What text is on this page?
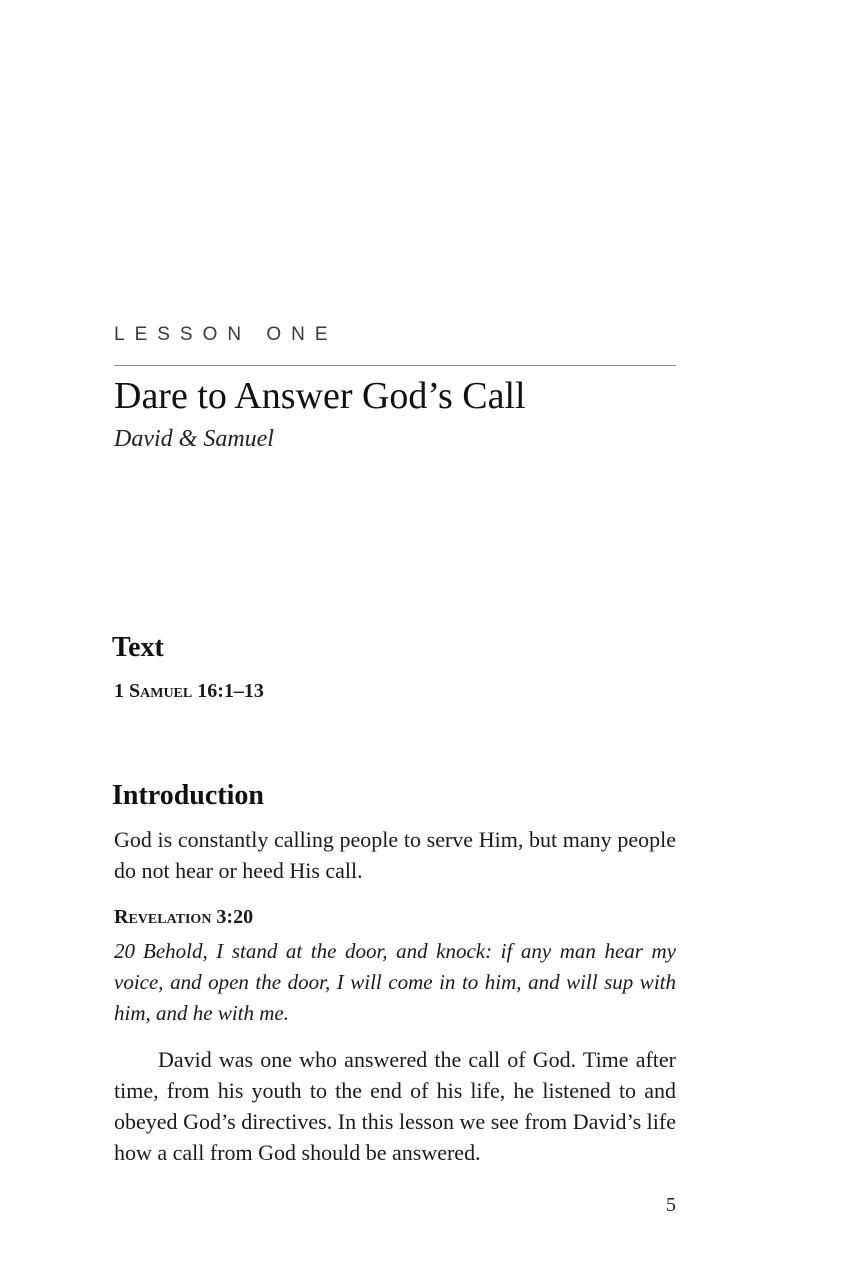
LESSON ONE
Dare to Answer God’s Call
David & Samuel
Text
1 Samuel 16:1–13
Introduction

God is constantly calling people to serve Him, but many people do not hear or heed His call.

Revelation 3:20

20 Behold, I stand at the door, and knock: if any man hear my voice, and open the door, I will come in to him, and will sup with him, and he with me.

David was one who answered the call of God. Time after time, from his youth to the end of his life, he listened to and obeyed God’s directives. In this lesson we see from David’s life how a call from God should be answered.

5
